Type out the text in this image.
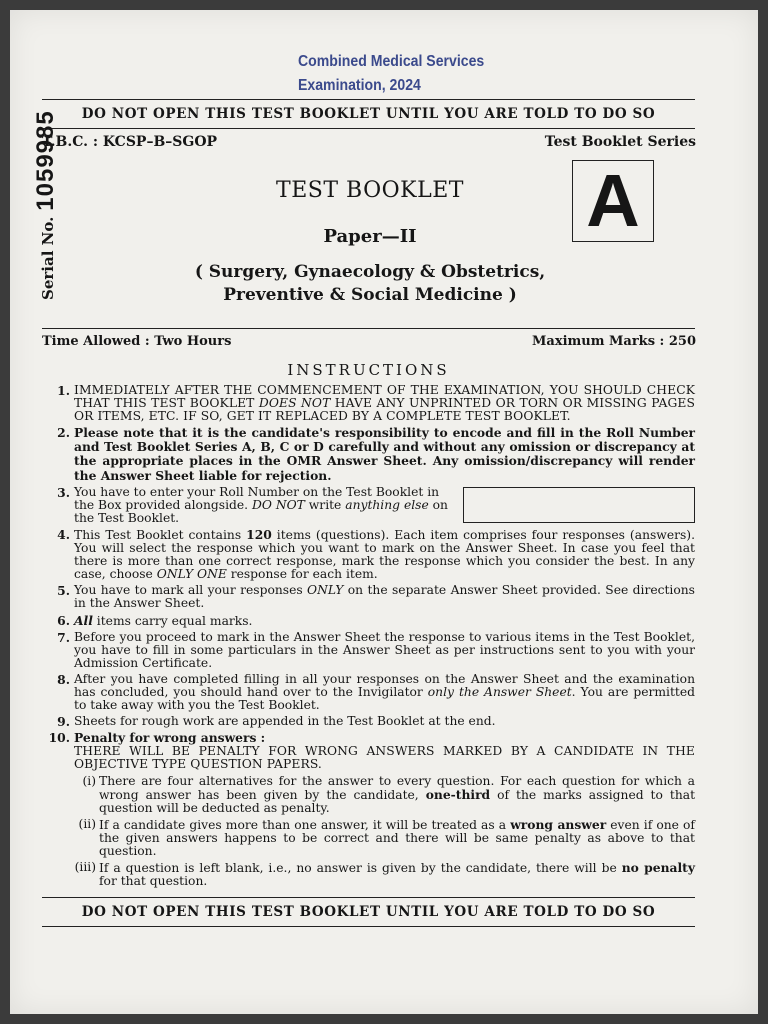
Combined Medical Services
Examination, 2024
DO NOT OPEN THIS TEST BOOKLET UNTIL YOU ARE TOLD TO DO SO
T.B.C. : KCSP–B–SGOP	Test Booklet Series
A
Serial No.1059985	TEST BOOKLET
Paper—II
( Surgery, Gynaecology & Obstetrics,
Preventive & Social Medicine )
Time Allowed : Two Hours	Maximum Marks : 250
INSTRUCTIONS
1. IMMEDIATELY AFTER THE COMMENCEMENT OF THE EXAMINATION, YOU SHOULD CHECK THAT THIS TEST BOOKLET DOES NOT HAVE ANY UNPRINTED OR TORN OR MISSING PAGES OR ITEMS, ETC. IF SO, GET IT REPLACED BY A COMPLETE TEST BOOKLET.
2. Please note that it is the candidate's responsibility to encode and fill in the Roll Number and Test Booklet Series A, B, C or D carefully and without any omission or discrepancy at the appropriate places in the OMR Answer Sheet. Any omission/discrepancy will render the Answer Sheet liable for rejection.
3. You have to enter your Roll Number on the Test Booklet in the Box provided alongside. DO NOT write anything else on the Test Booklet.
4. This Test Booklet contains 120 items (questions). Each item comprises four responses (answers). You will select the response which you want to mark on the Answer Sheet. In case you feel that there is more than one correct response, mark the response which you consider the best. In any case, choose ONLY ONE response for each item.
5. You have to mark all your responses ONLY on the separate Answer Sheet provided. See directions in the Answer Sheet.
6. All items carry equal marks.
7. Before you proceed to mark in the Answer Sheet the response to various items in the Test Booklet, you have to fill in some particulars in the Answer Sheet as per instructions sent to you with your Admission Certificate.
8. After you have completed filling in all your responses on the Answer Sheet and the examination has concluded, you should hand over to the Invigilator only the Answer Sheet. You are permitted to take away with you the Test Booklet.
9. Sheets for rough work are appended in the Test Booklet at the end.
10. Penalty for wrong answers :
THERE WILL BE PENALTY FOR WRONG ANSWERS MARKED BY A CANDIDATE IN THE OBJECTIVE TYPE QUESTION PAPERS.
(i) There are four alternatives for the answer to every question. For each question for which a wrong answer has been given by the candidate, one-third of the marks assigned to that question will be deducted as penalty.
(ii) If a candidate gives more than one answer, it will be treated as a wrong answer even if one of the given answers happens to be correct and there will be same penalty as above to that question.
(iii) If a question is left blank, i.e., no answer is given by the candidate, there will be no penalty for that question.
DO NOT OPEN THIS TEST BOOKLET UNTIL YOU ARE TOLD TO DO SO
